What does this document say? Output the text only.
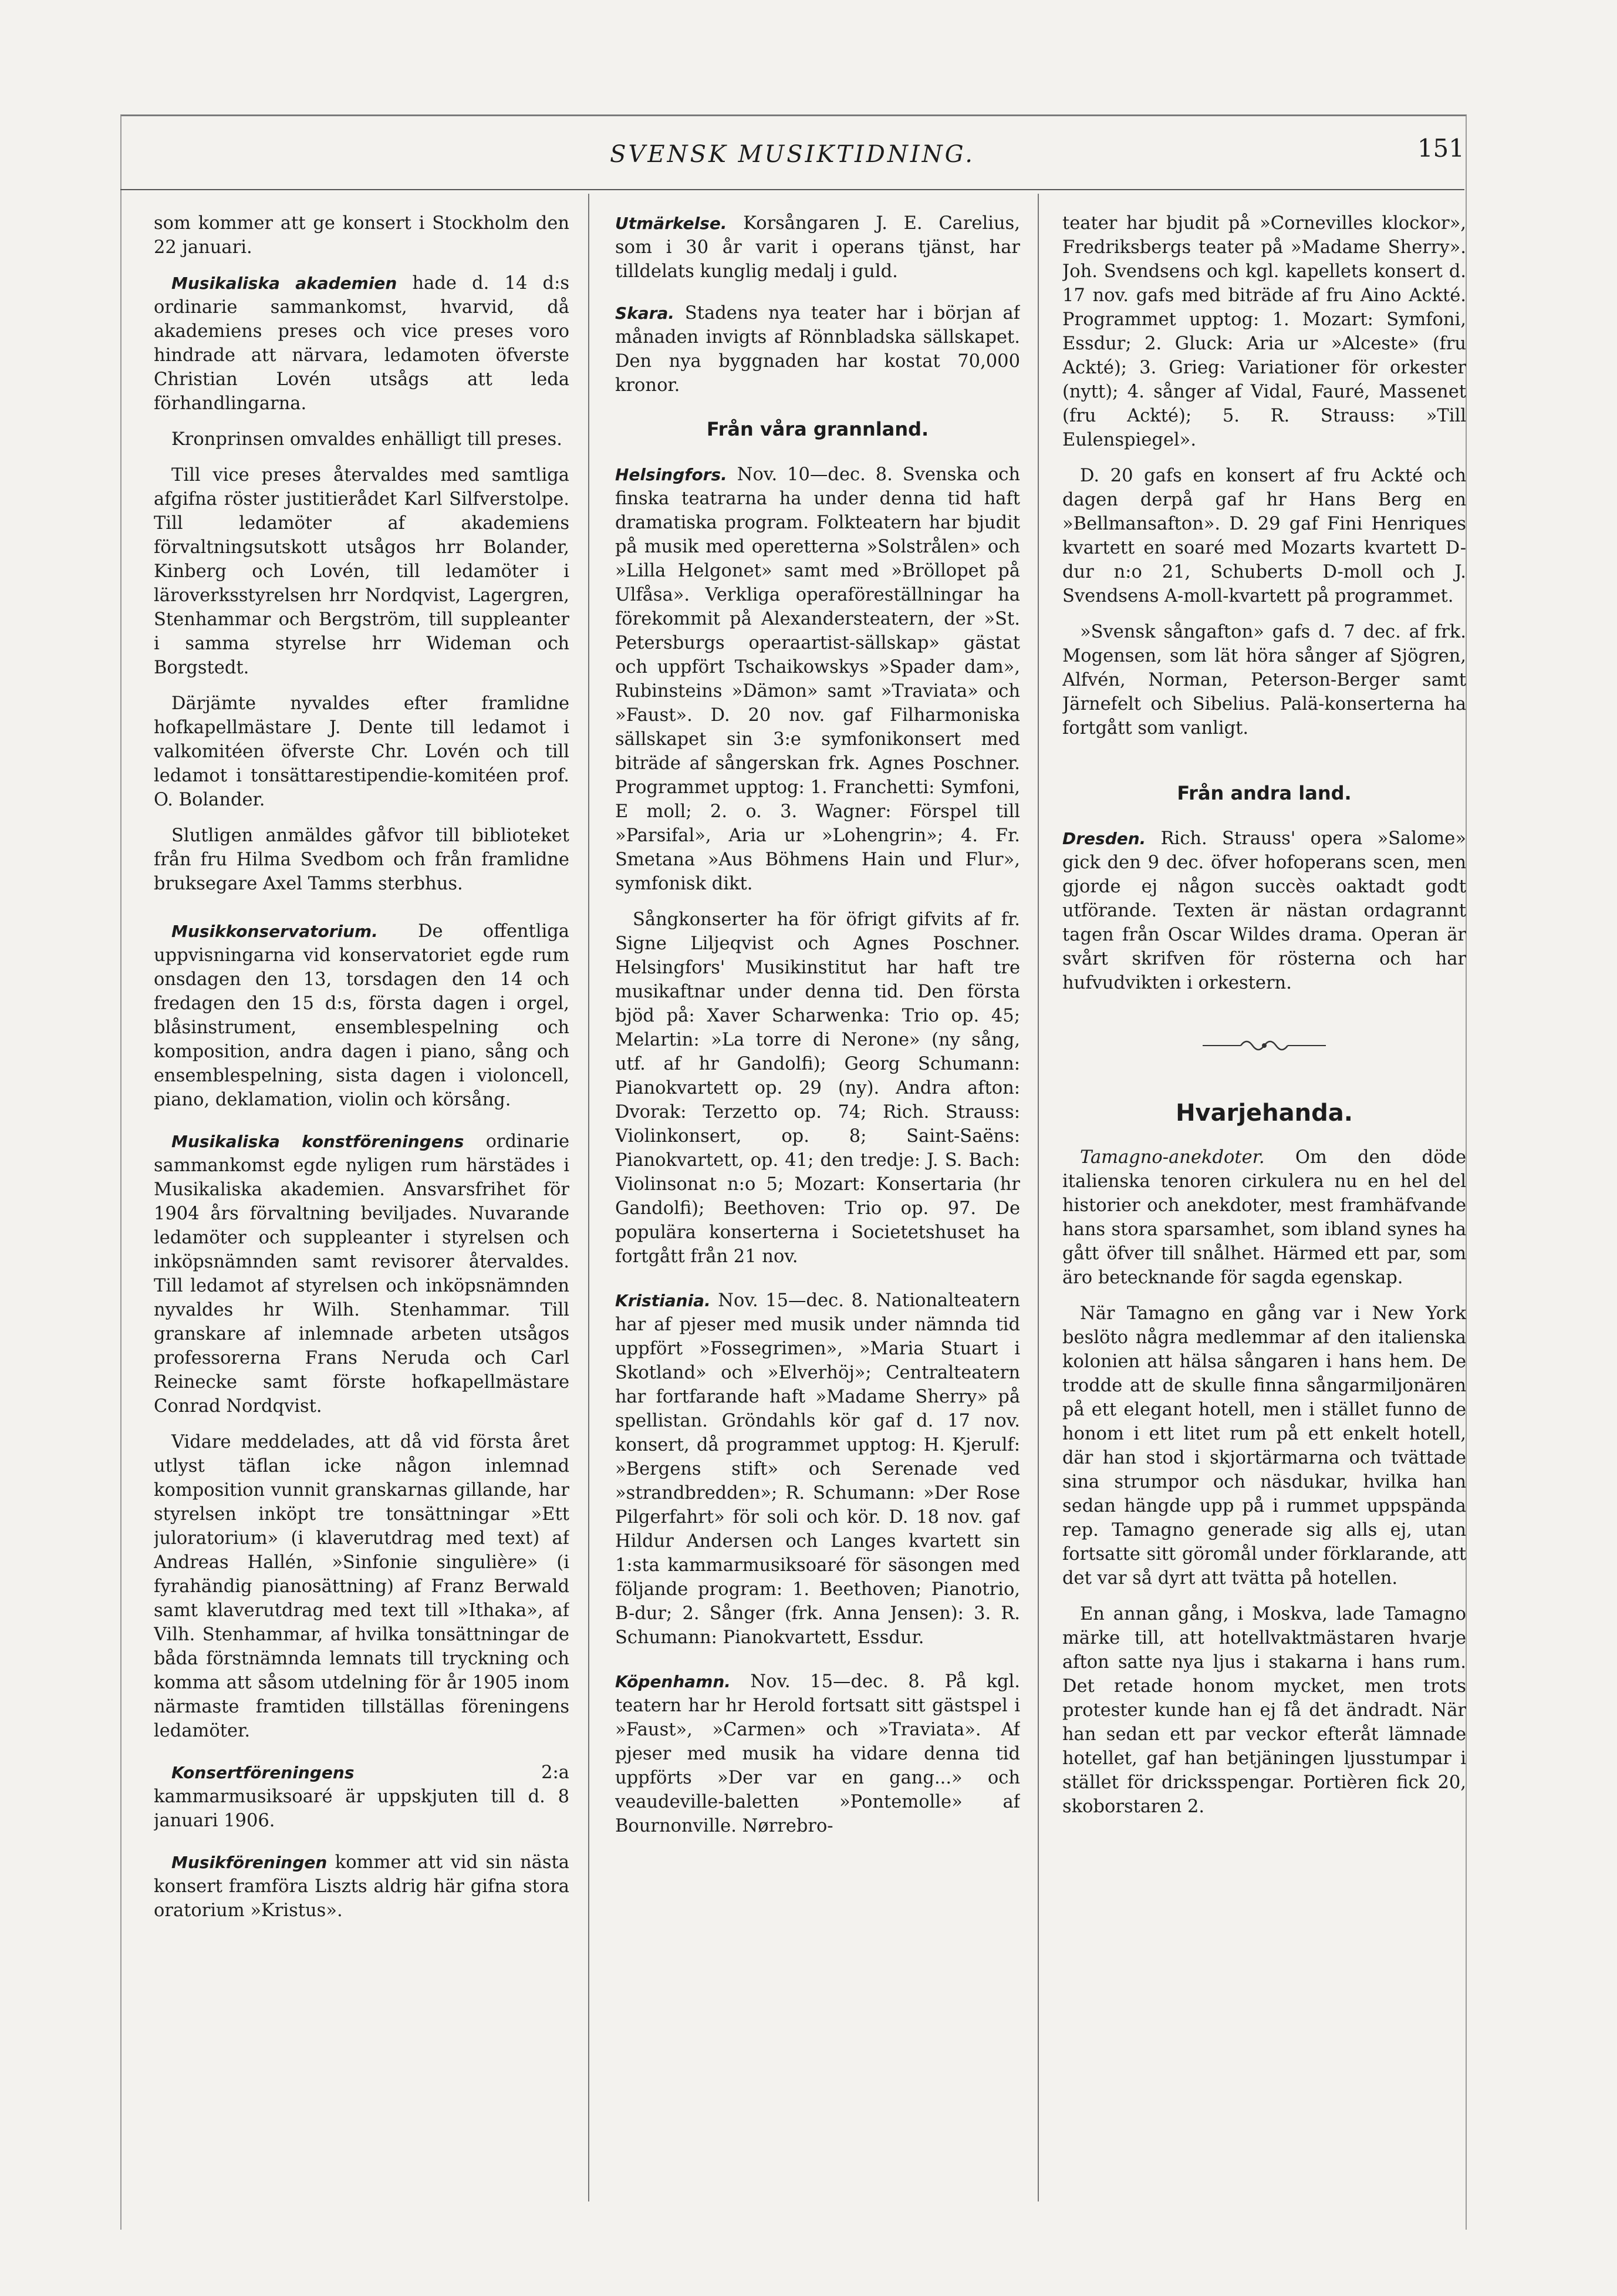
SVENSK MUSIKTIDNING.	151

som kommer att ge konsert i Stockholm den 22 januari.

Musikaliska akademien hade d. 14 d:s ordinarie sammankomst, hvarvid, då akademiens preses och vice preses voro hindrade att närvara, ledamoten öfverste Christian Lovén utsågs att leda förhandlingarna.

Kronprinsen omvaldes enhälligt till preses.

Till vice preses återvaldes med samtliga afgifna röster justitierådet Karl Silfverstolpe. Till ledamöter af akademiens förvaltningsutskott utsågos hrr Bolander, Kinberg och Lovén, till ledamöter i läroverksstyrelsen hrr Nordqvist, Lagergren, Stenhammar och Bergström, till suppleanter i samma styrelse hrr Wideman och Borgstedt.

Därjämte nyvaldes efter framlidne hofkapellmästare J. Dente till ledamot i valkomitéen öfverste Chr. Lovén och till ledamot i tonsättarestipendie-komitéen prof. O. Bolander.

Slutligen anmäldes gåfvor till biblioteket från fru Hilma Svedbom och från framlidne bruksegare Axel Tamms sterbhus.

Musikkonservatorium. De offentliga uppvisningarna vid konservatoriet egde rum onsdagen den 13, torsdagen den 14 och fredagen den 15 d:s, första dagen i orgel, blåsinstrument, ensemblespelning och komposition, andra dagen i piano, sång och ensemblespelning, sista dagen i violoncell, piano, deklamation, violin och körsång.

Musikaliska konstföreningens ordinarie sammankomst egde nyligen rum härstädes i Musikaliska akademien. Ansvarsfrihet för 1904 års förvaltning beviljades. Nuvarande ledamöter och suppleanter i styrelsen och inköpsnämnden samt revisorer återvaldes. Till ledamot af styrelsen och inköpsnämnden nyvaldes hr Wilh. Stenhammar. Till granskare af inlemnade arbeten utsågos professorerna Frans Neruda och Carl Reinecke samt förste hofkapellmästare Conrad Nordqvist.

Vidare meddelades, att då vid första året utlyst täflan icke någon inlemnad komposition vunnit granskarnas gillande, har styrelsen inköpt tre tonsättningar »Ett juloratorium» (i klaverutdrag med text) af Andreas Hallén, »Sinfonie singulière» (i fyrahändig pianosättning) af Franz Berwald samt klaverutdrag med text till »Ithaka», af Vilh. Stenhammar, af hvilka tonsättningar de båda förstnämnda lemnats till tryckning och komma att såsom utdelning för år 1905 inom närmaste framtiden tillställas föreningens ledamöter.

Konsertföreningens	2:a kammarmusiksoaré är uppskjuten till d. 8 januari 1906.

Musikföreningen kommer att vid sin nästa konsert framföra Liszts aldrig här gifna stora oratorium »Kristus».

Utmärkelse. Korsångaren J. E. Carelius, som i 30 år varit i operans tjänst, har tilldelats kunglig medalj i guld.

Skara. Stadens nya teater har i början af månaden invigts af Rönnbladska sällskapet. Den nya byggnaden har kostat 70,000 kronor.

Från våra grannland.

Helsingfors. Nov. 10—dec. 8. Svenska och finska teatrarna ha under denna tid haft dramatiska program. Folkteatern har bjudit på musik med operetterna »Solstrålen» och »Lilla Helgonet» samt med »Bröllopet på Ulfåsa». Verkliga operaföreställningar ha förekommit på Alexandersteatern, der »St. Petersburgs operaartist-sällskap» gästat och uppfört Tschaikowskys »Spader dam», Rubinsteins »Dämon» samt »Traviata» och »Faust». D. 20 nov. gaf Filharmoniska sällskapet sin 3:e symfonikonsert med biträde af sångerskan frk. Agnes Poschner. Programmet upptog: 1. Franchetti: Symfoni, E moll; 2. o. 3. Wagner: Förspel till »Parsifal», Aria ur »Lohengrin»; 4. Fr. Smetana »Aus Böhmens Hain und Flur», symfonisk dikt.

Sångkonserter ha för öfrigt gifvits af fr. Signe Liljeqvist och Agnes Poschner. Helsingfors' Musikinstitut har haft tre musikaftnar under denna tid. Den första bjöd på: Xaver Scharwenka: Trio op. 45; Melartin: »La torre di Nerone» (ny sång, utf. af hr Gandolfi); Georg Schumann: Pianokvartett op. 29 (ny). Andra afton: Dvorak: Terzetto op. 74; Rich. Strauss: Violinkonsert, op. 8; Saint-Saëns: Pianokvartett, op. 41; den tredje: J. S. Bach: Violinsonat n:o 5; Mozart: Konsertaria (hr Gandolfi); Beethoven: Trio op. 97. De populära konserterna i Societetshuset ha fortgått från 21 nov.

Kristiania. Nov. 15—dec. 8. Nationalteatern har af pjeser med musik under nämnda tid uppfört »Fossegrimen», »Maria Stuart i Skotland» och »Elverhöj»; Centralteatern har fortfarande haft »Madame Sherry» på spellistan. Gröndahls kör gaf d. 17 nov. konsert, då programmet upptog: H. Kjerulf: »Bergens stift» och Serenade ved »strandbredden»; R. Schumann: »Der Rose Pilgerfahrt» för soli och kör. D. 18 nov. gaf Hildur Andersen och Langes kvartett sin 1:sta kammarmusiksoaré för säsongen med följande program: 1. Beethoven; Pianotrio, B-dur; 2. Sånger (frk. Anna Jensen): 3. R. Schumann: Pianokvartett, Essdur.

Köpenhamn. Nov. 15—dec. 8. På kgl. teatern har hr Herold fortsatt sitt gästspel i »Faust», »Carmen» och »Traviata». Af pjeser med musik ha vidare denna tid uppförts »Der var en gang...» och veaudeville-baletten »Pontemolle» af Bournonville. Nørrebro-

teater har bjudit på »Cornevilles klockor», Fredriksbergs teater på »Madame Sherry». Joh. Svendsens och kgl. kapellets konsert d. 17 nov. gafs med biträde af fru Aino Ackté. Programmet upptog: 1. Mozart: Symfoni, Essdur; 2. Gluck: Aria ur »Alceste» (fru Ackté); 3. Grieg: Variationer för orkester (nytt); 4. sånger af Vidal, Fauré, Massenet (fru Ackté); 5. R. Strauss: »Till Eulenspiegel».

D. 20 gafs en konsert af fru Ackté och dagen derpå gaf hr Hans Berg en »Bellmansafton». D. 29 gaf Fini Henriques kvartett en soaré med Mozarts kvartett D-dur n:o 21, Schuberts D-moll och J. Svendsens A-moll-kvartett på programmet.

»Svensk sångafton» gafs d. 7 dec. af frk. Mogensen, som lät höra sånger af Sjögren, Alfvén, Norman, Peterson-Berger samt Järnefelt och Sibelius. Palä-konserterna ha fortgått som vanligt.

Från andra land.

Dresden. Rich. Strauss' opera »Salome» gick den 9 dec. öfver hofoperans scen, men gjorde ej någon succès oaktadt godt utförande. Texten är nästan ordagrannt tagen från Oscar Wildes drama. Operan är svårt skrifven för rösterna och har hufvudvikten i orkestern.

Hvarjehanda.

Tamagno-anekdoter. Om den döde italienska tenoren cirkulera nu en hel del historier och anekdoter, mest framhäfvande hans stora sparsamhet, som ibland synes ha gått öfver till snålhet. Härmed ett par, som äro betecknande för sagda egenskap.

När Tamagno en gång var i New York beslöto några medlemmar af den italienska kolonien att hälsa sångaren i hans hem. De trodde att de skulle finna sångarmiljonären på ett elegant hotell, men i stället funno de honom i ett litet rum på ett enkelt hotell, där han stod i skjortärmarna och tvättade sina strumpor och näsdukar, hvilka han sedan hängde upp på i rummet uppspända rep. Tamagno generade sig alls ej, utan fortsatte sitt göromål under förklarande, att det var så dyrt att tvätta på hotellen.

En annan gång, i Moskva, lade Tamagno märke till, att hotellvaktmästaren hvarje afton satte nya ljus i stakarna i hans rum. Det retade honom mycket, men trots protester kunde han ej få det ändradt. När han sedan ett par veckor efteråt lämnade hotellet, gaf han betjäningen ljusstumpar i stället för dricksspengar. Portièren fick 20, skoborstaren 2.
